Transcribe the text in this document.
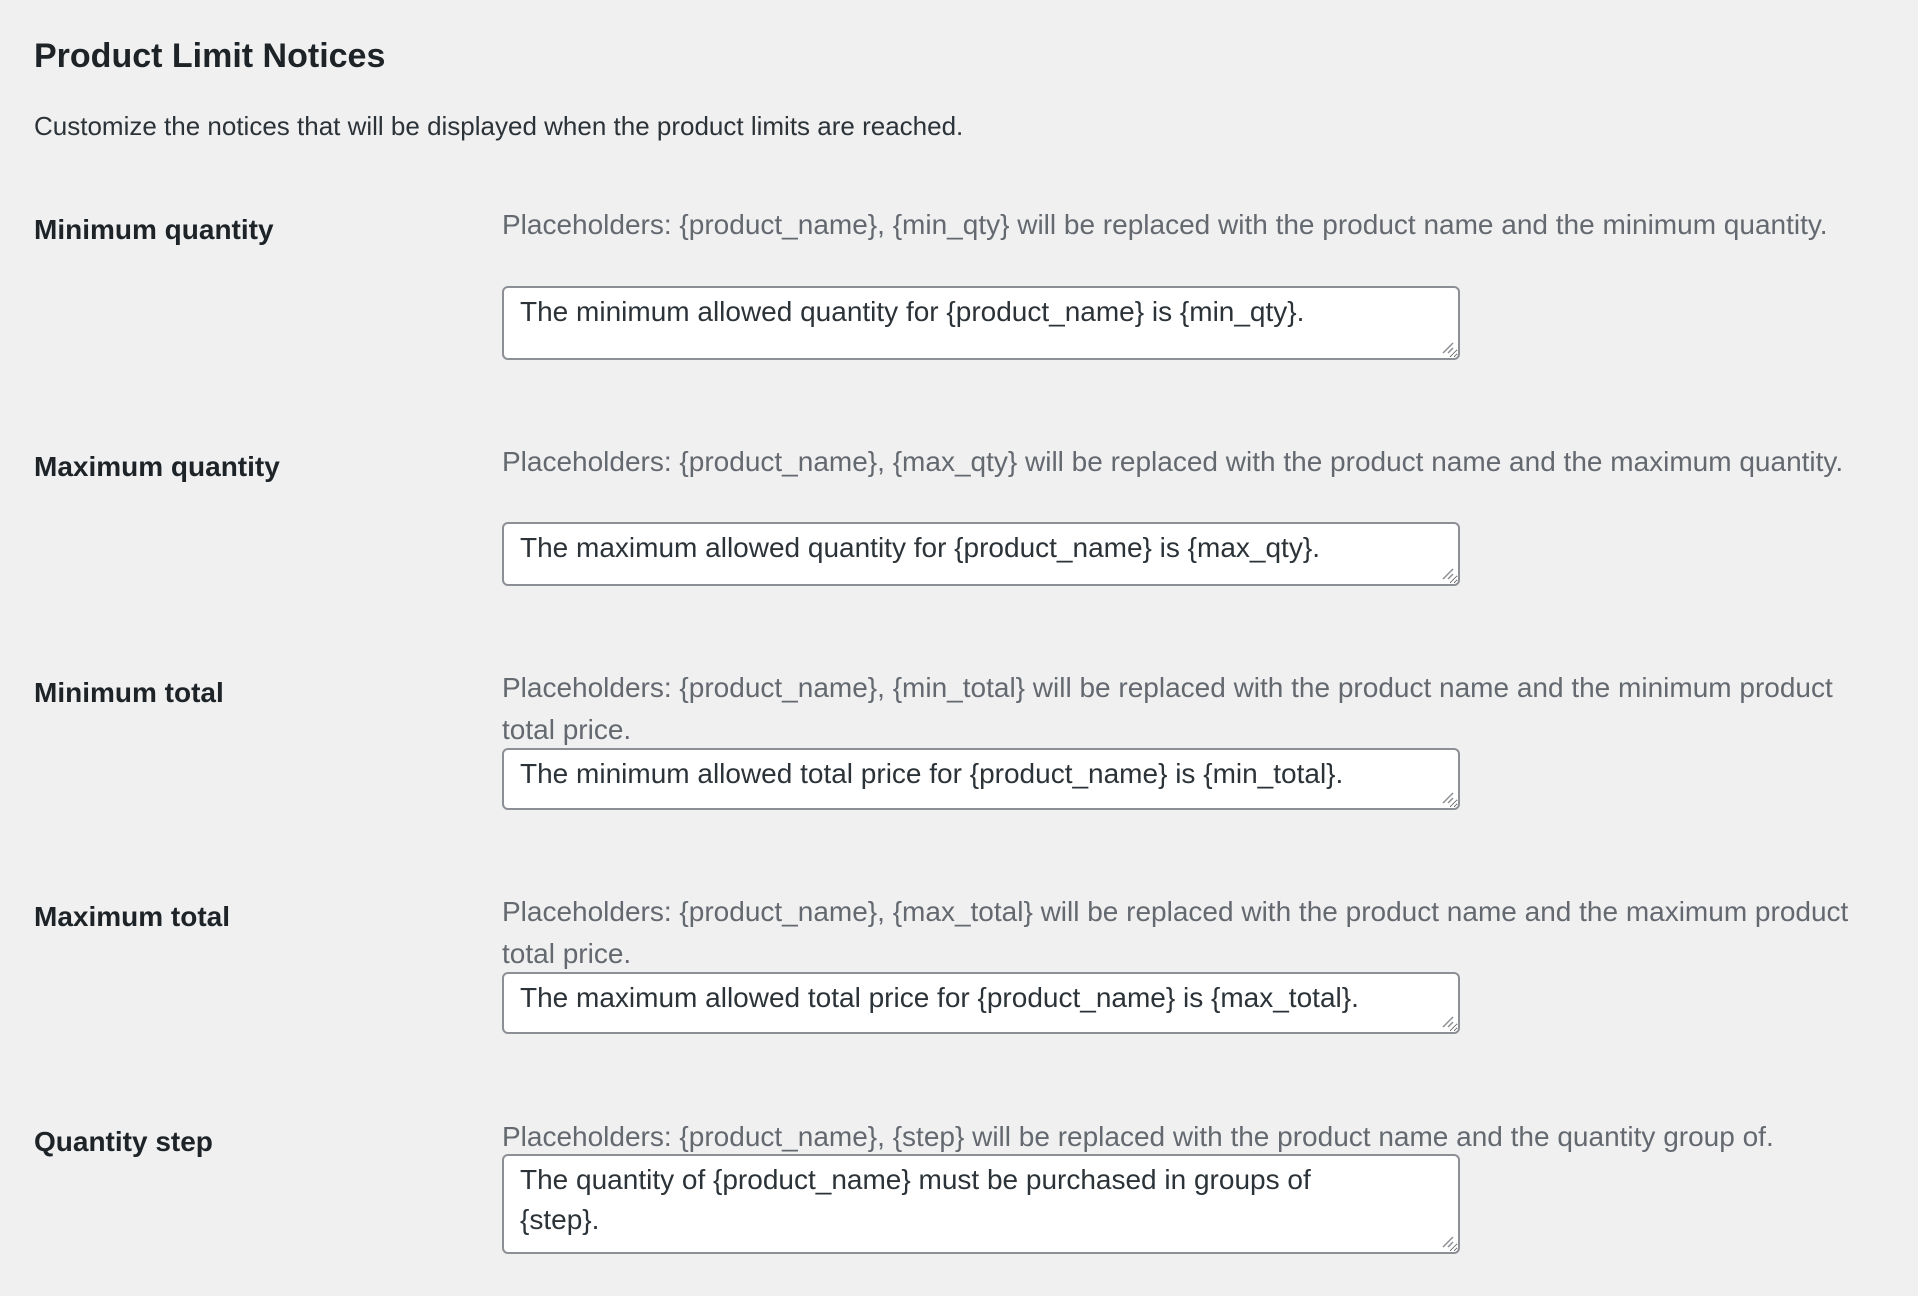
Product Limit Notices

Customize the notices that will be displayed when the product limits are reached.

Minimum quantity	Placeholders: {product_name}, {min_qty} will be replaced with the product name and the minimum quantity.
The minimum allowed quantity for {product_name} is {min_qty}.
Maximum quantity	Placeholders: {product_name}, {max_qty} will be replaced with the product name and the maximum quantity.
The maximum allowed quantity for {product_name} is {max_qty}.
Minimum total	Placeholders: {product_name}, {min_total} will be replaced with the product name and the minimum product total price.
The minimum allowed total price for {product_name} is {min_total}.
Maximum total	Placeholders: {product_name}, {max_total} will be replaced with the product name and the maximum product total price.
The maximum allowed total price for {product_name} is {max_total}.
Quantity step	Placeholders: {product_name}, {step} will be replaced with the product name and the quantity group of.
The quantity of {product_name} must be purchased in groups of {step}.
